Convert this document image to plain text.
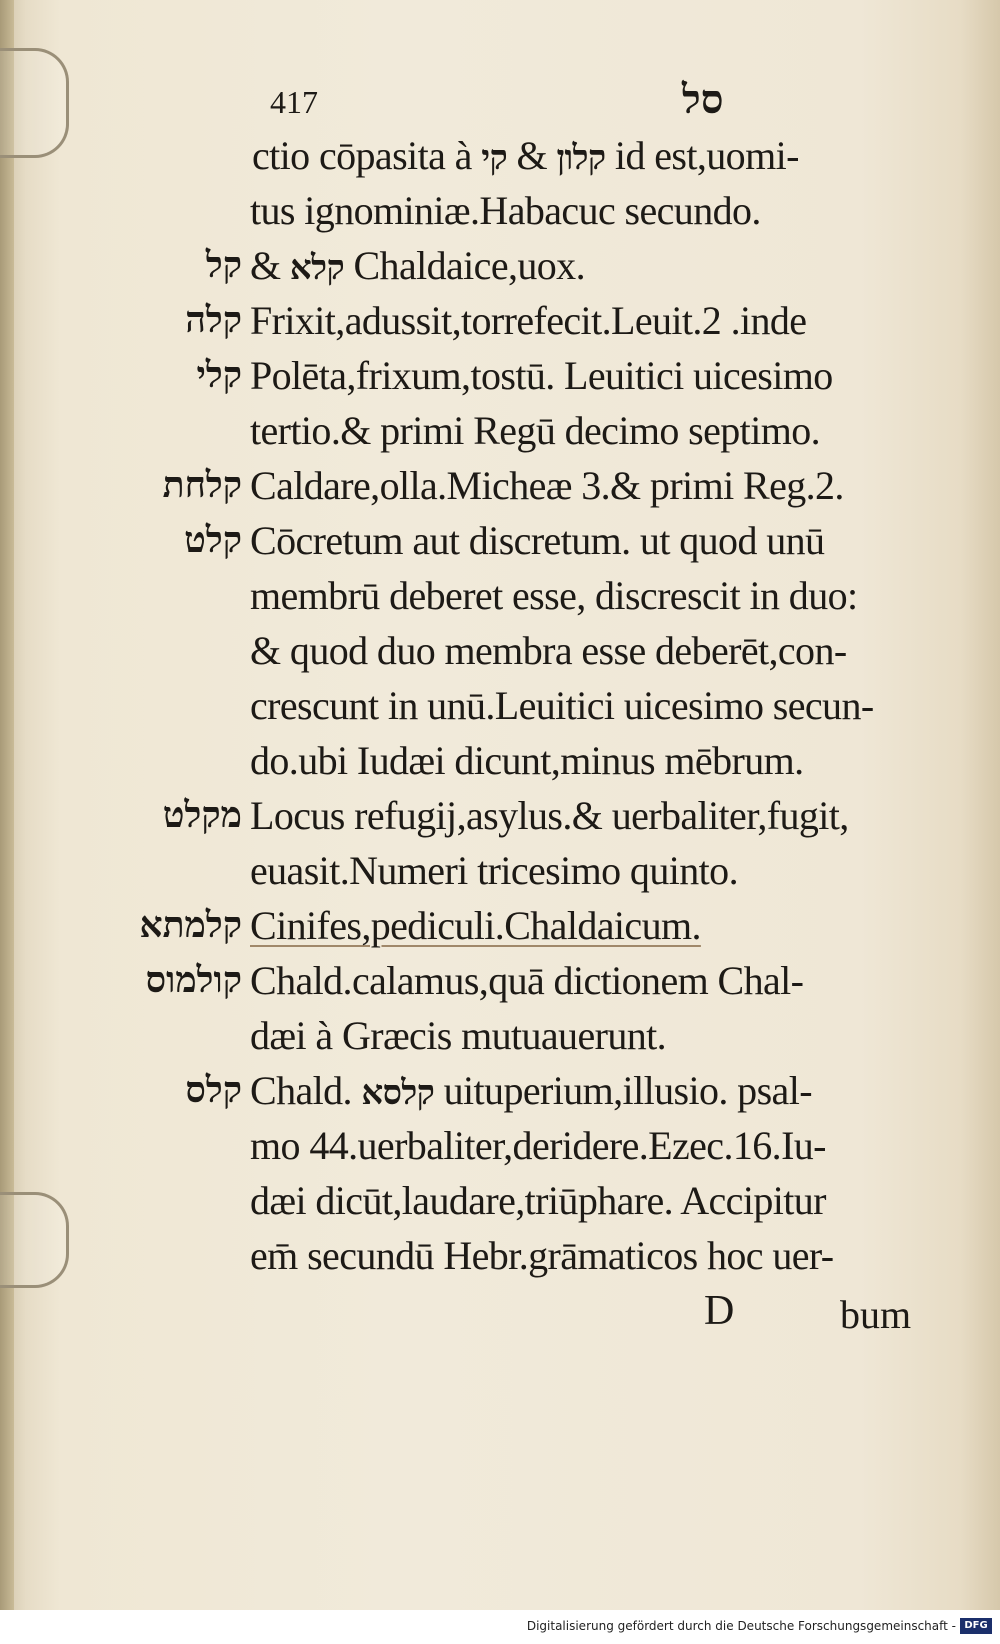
417	סל
ctio cōpasita à קי & קלון id est,uomi-
tus ignominiæ.Habacuc secundo.
קל & קלא Chaldaice,uox.
קלה Frixit,adussit,torrefecit.Leuit.2 .inde
קלי Polēta,frixum,tostū. Leuitici uicesimo
tertio.& primi Regū decimo septimo.
קלחת Caldare,olla.Micheæ 3.& primi Reg.2.
קלט Cōcretum aut discretum. ut quod unū
membrū deberet esse, discrescit in duo:
& quod duo membra esse deberēt,con-
crescunt in unū.Leuitici uicesimo secun-
do.ubi Iudæi dicunt,minus mēbrum.
מקלט Locus refugij,asylus.& uerbaliter,fugit,
euasit.Numeri tricesimo quinto.
קלמתא Cinifes,pediculi.Chaldaicum.
קולמוס Chald.calamus,quā dictionem Chal-
dæi à Græcis mutuauerunt.
קלס Chald. קלסא uituperium,illusio. psal-
mo 44.uerbaliter,deridere.Ezec.16.Iu-
dæi dicūt,laudare,triūphare. Accipitur
em̄ secundū Hebr.grāmaticos hoc uer-
D	bum
Digitalisierung gefördert durch die Deutsche Forschungsgemeinschaft - DFG
